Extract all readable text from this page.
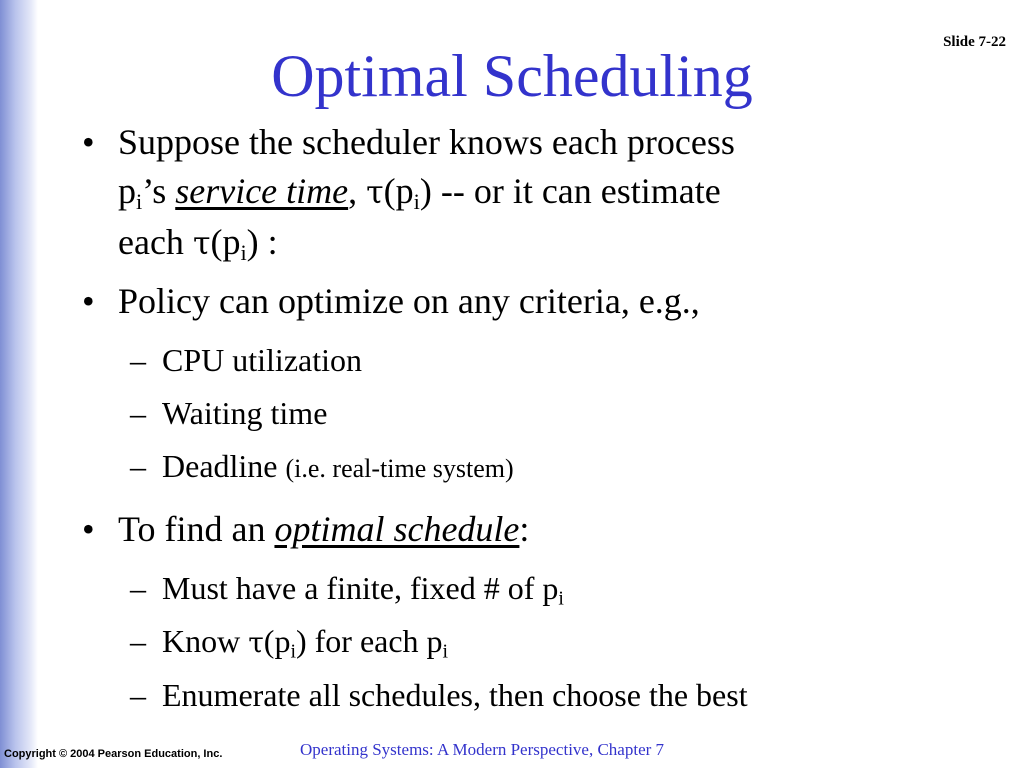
Slide 7-22
Optimal Scheduling
• Suppose the scheduler knows each process
$p_i’s$ service time, $\tau(p_i)$ -- or it can estimate
each $\tau(p_i)$ :
• Policy can optimize on any criteria, e.g.,
– CPU utilization
– Waiting time
– Deadline (i.e. real-time system)
• To find an optimal schedule:
– Must have a finite, fixed # of $p_i$
– Know $\tau(p_i)$ for each $p_i$
– Enumerate all schedules, then choose the best
Copyright © 2004 Pearson Education, Inc.	Operating Systems: A Modern Perspective, Chapter 7
